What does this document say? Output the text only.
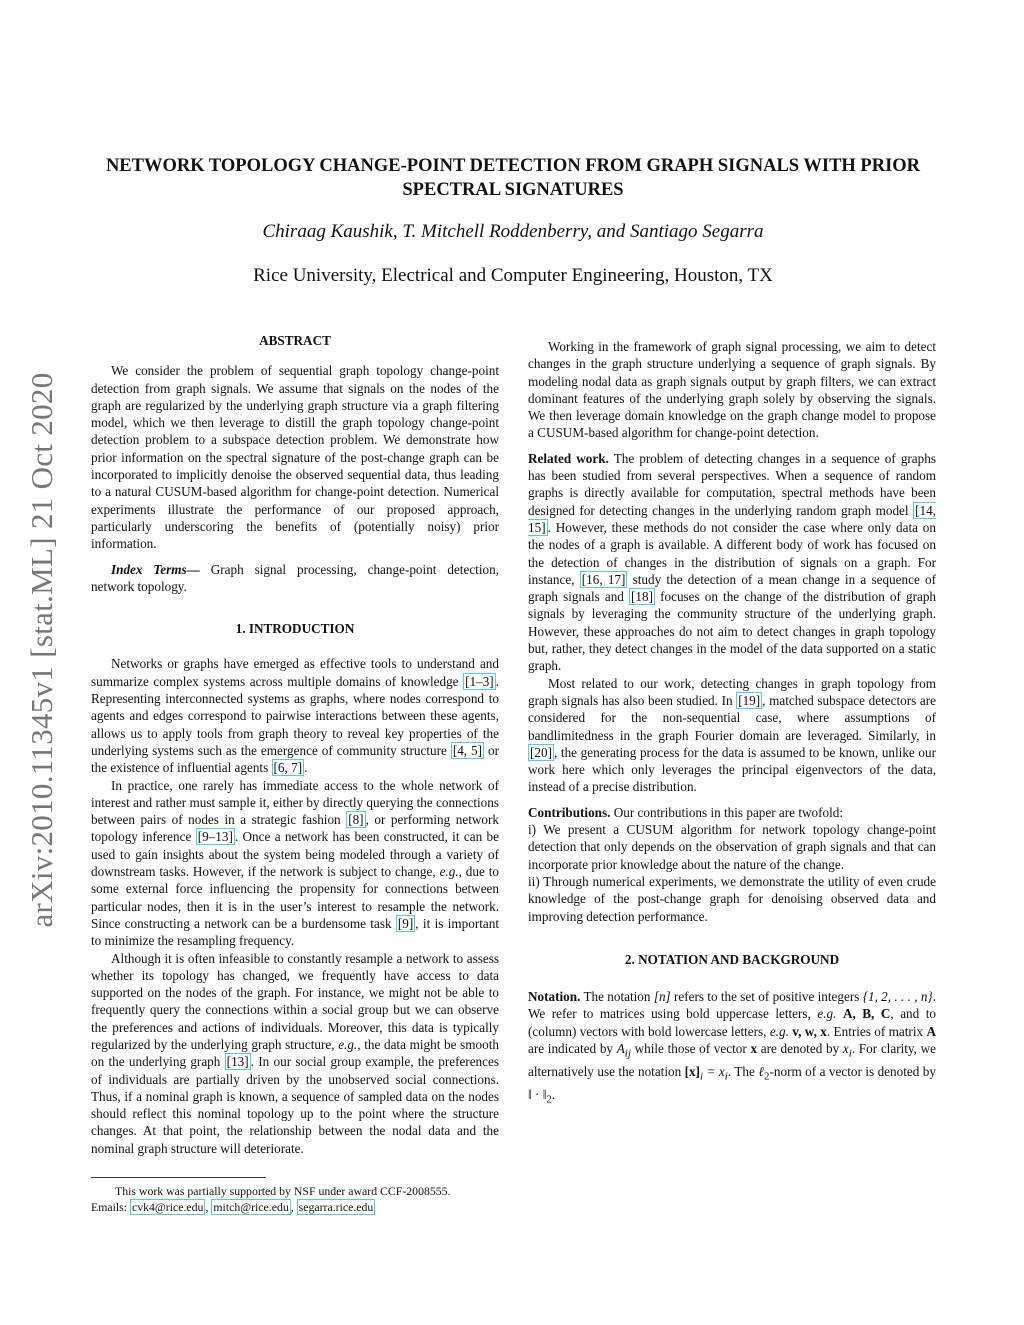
arXiv:2010.11345v1 [stat.ML] 21 Oct 2020
NETWORK TOPOLOGY CHANGE-POINT DETECTION FROM GRAPH SIGNALS WITH PRIOR SPECTRAL SIGNATURES
Chiraag Kaushik, T. Mitchell Roddenberry, and Santiago Segarra
Rice University, Electrical and Computer Engineering, Houston, TX
ABSTRACT

We consider the problem of sequential graph topology change-point detection from graph signals. We assume that signals on the nodes of the graph are regularized by the underlying graph structure via a graph filtering model, which we then leverage to distill the graph topology change-point detection problem to a subspace detection problem. We demonstrate how prior information on the spectral signature of the post-change graph can be incorporated to implicitly denoise the observed sequential data, thus leading to a natural CUSUM-based algorithm for change-point detection. Numerical experiments illustrate the performance of our proposed approach, particularly underscoring the benefits of (potentially noisy) prior information.

Index Terms— Graph signal processing, change-point detection, network topology.

1. INTRODUCTION

Networks or graphs have emerged as effective tools to understand and summarize complex systems across multiple domains of knowledge [1–3] . Representing interconnected systems as graphs, where nodes correspond to agents and edges correspond to pairwise interactions between these agents, allows us to apply tools from graph theory to reveal key properties of the underlying systems such as the emergence of community structure [4, 5] or the existence of influential agents [6, 7] .

In practice, one rarely has immediate access to the whole network of interest and rather must sample it, either by directly querying the connections between pairs of nodes in a strategic fashion [8] , or performing network topology inference [9–13] . Once a network has been constructed, it can be used to gain insights about the system being modeled through a variety of downstream tasks. However, if the network is subject to change, e.g., due to some external force influencing the propensity for connections between particular nodes, then it is in the user’s interest to resample the network. Since constructing a network can be a burdensome task [9] , it is important to minimize the resampling frequency.

Although it is often infeasible to constantly resample a network to assess whether its topology has changed, we frequently have access to data supported on the nodes of the graph. For instance, we might not be able to frequently query the connections within a social group but we can observe the preferences and actions of individuals. Moreover, this data is typically regularized by the underlying graph structure, e.g., the data might be smooth on the underlying graph [13] . In our social group example, the preferences of individuals are partially driven by the unobserved social connections. Thus, if a nominal graph is known, a sequence of sampled data on the nodes should reflect this nominal topology up to the point where the structure changes. At that point, the relationship between the nodal data and the nominal graph structure will deteriorate.

This work was partially supported by NSF under award CCF-2008555.

Emails: cvk4@rice.edu , mitch@rice.edu , segarra.rice.edu

Working in the framework of graph signal processing, we aim to detect changes in the graph structure underlying a sequence of graph signals. By modeling nodal data as graph signals output by graph filters, we can extract dominant features of the underlying graph solely by observing the signals. We then leverage domain knowledge on the graph change model to propose a CUSUM-based algorithm for change-point detection.

Related work. The problem of detecting changes in a sequence of graphs has been studied from several perspectives. When a sequence of random graphs is directly available for computation, spectral methods have been designed for detecting changes in the underlying random graph model [14, 15] . However, these methods do not consider the case where only data on the nodes of a graph is available. A different body of work has focused on the detection of changes in the distribution of signals on a graph. For instance, [16, 17] study the detection of a mean change in a sequence of graph signals and [18] focuses on the change of the distribution of graph signals by leveraging the community structure of the underlying graph. However, these approaches do not aim to detect changes in graph topology but, rather, they detect changes in the model of the data supported on a static graph.

Most related to our work, detecting changes in graph topology from graph signals has also been studied. In [19] , matched subspace detectors are considered for the non-sequential case, where assumptions of bandlimitedness in the graph Fourier domain are leveraged. Similarly, in [20] , the generating process for the data is assumed to be known, unlike our work here which only leverages the principal eigenvectors of the data, instead of a precise distribution.

Contributions. Our contributions in this paper are twofold:

i) We present a CUSUM algorithm for network topology change-point detection that only depends on the observation of graph signals and that can incorporate prior knowledge about the nature of the change.

ii) Through numerical experiments, we demonstrate the utility of even crude knowledge of the post-change graph for denoising observed data and improving detection performance.

2. NOTATION AND BACKGROUND

Notation. The notation [n] refers to the set of positive integers {1, 2, . . . , n}. We refer to matrices using bold uppercase letters, e.g. A, B, C, and to (column) vectors with bold lowercase letters, e.g. v, w, x. Entries of matrix A are indicated by $A_{ij}$ while those of vector x are denoted by $x_i$. For clarity, we alternatively use the notation $[x]_i = x_i$. The ℓ$_2$-norm of a vector is denoted by ‖ · $‖_2$.
